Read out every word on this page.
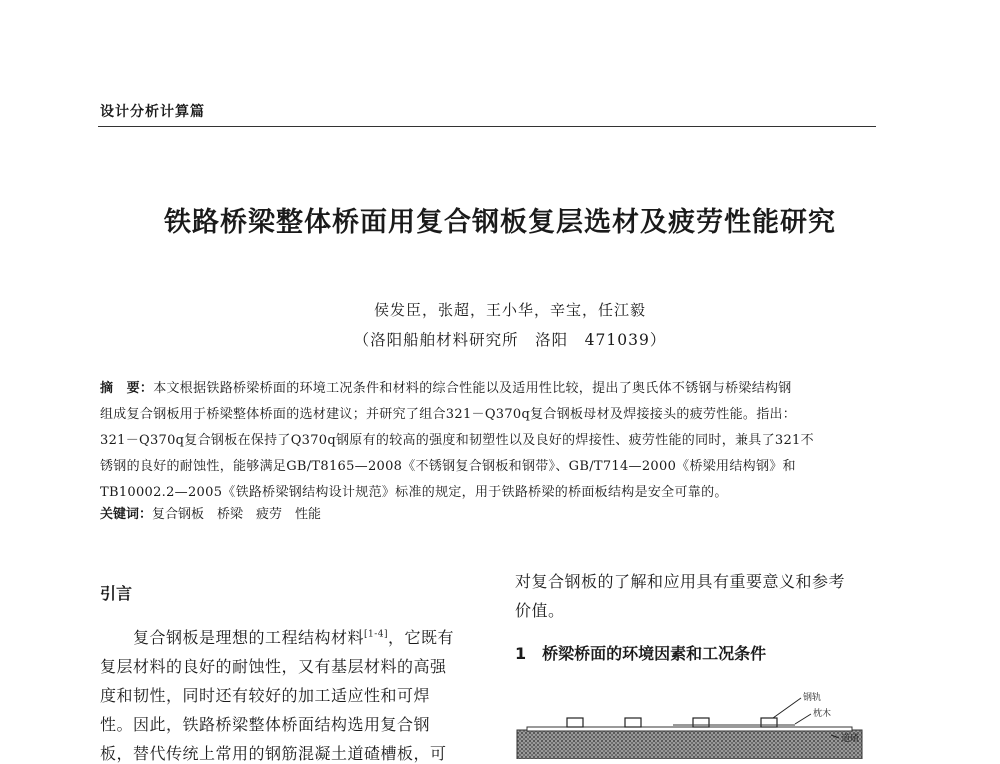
设计分析计算篇
铁路桥梁整体桥面用复合钢板复层选材及疲劳性能研究
侯发臣，张超，王小华，辛宝，任江毅
（洛阳船舶材料研究所　洛阳　471039）
摘　要：本文根据铁路桥梁桥面的环境工况条件和材料的综合性能以及适用性比较，提出了奥氏体不锈钢与桥梁结构钢
组成复合钢板用于桥梁整体桥面的选材建议；并研究了组合321－Q370q复合钢板母材及焊接接头的疲劳性能。指出：
321－Q370q复合钢板在保持了Q370q钢原有的较高的强度和韧塑性以及良好的焊接性、疲劳性能的同时，兼具了321不
锈钢的良好的耐蚀性，能够满足GB/T8165—2008《不锈钢复合钢板和钢带》、GB/T714—2000《桥梁用结构钢》和
TB10002.2—2005《铁路桥梁钢结构设计规范》标准的规定，用于铁路桥梁的桥面板结构是安全可靠的。
关键词：复合钢板　桥梁　疲劳　性能
引言
复合钢板是理想的工程结构材料[1-4]，它既有
复层材料的良好的耐蚀性，又有基层材料的高强
度和韧性，同时还有较好的加工适应性和可焊
性。因此，铁路桥梁整体桥面结构选用复合钢
板，替代传统上常用的钢筋混凝土道碴槽板，可
对复合钢板的了解和应用具有重要意义和参考
价值。
1　桥梁桥面的环境因素和工况条件
钢轨
枕木
道碴
